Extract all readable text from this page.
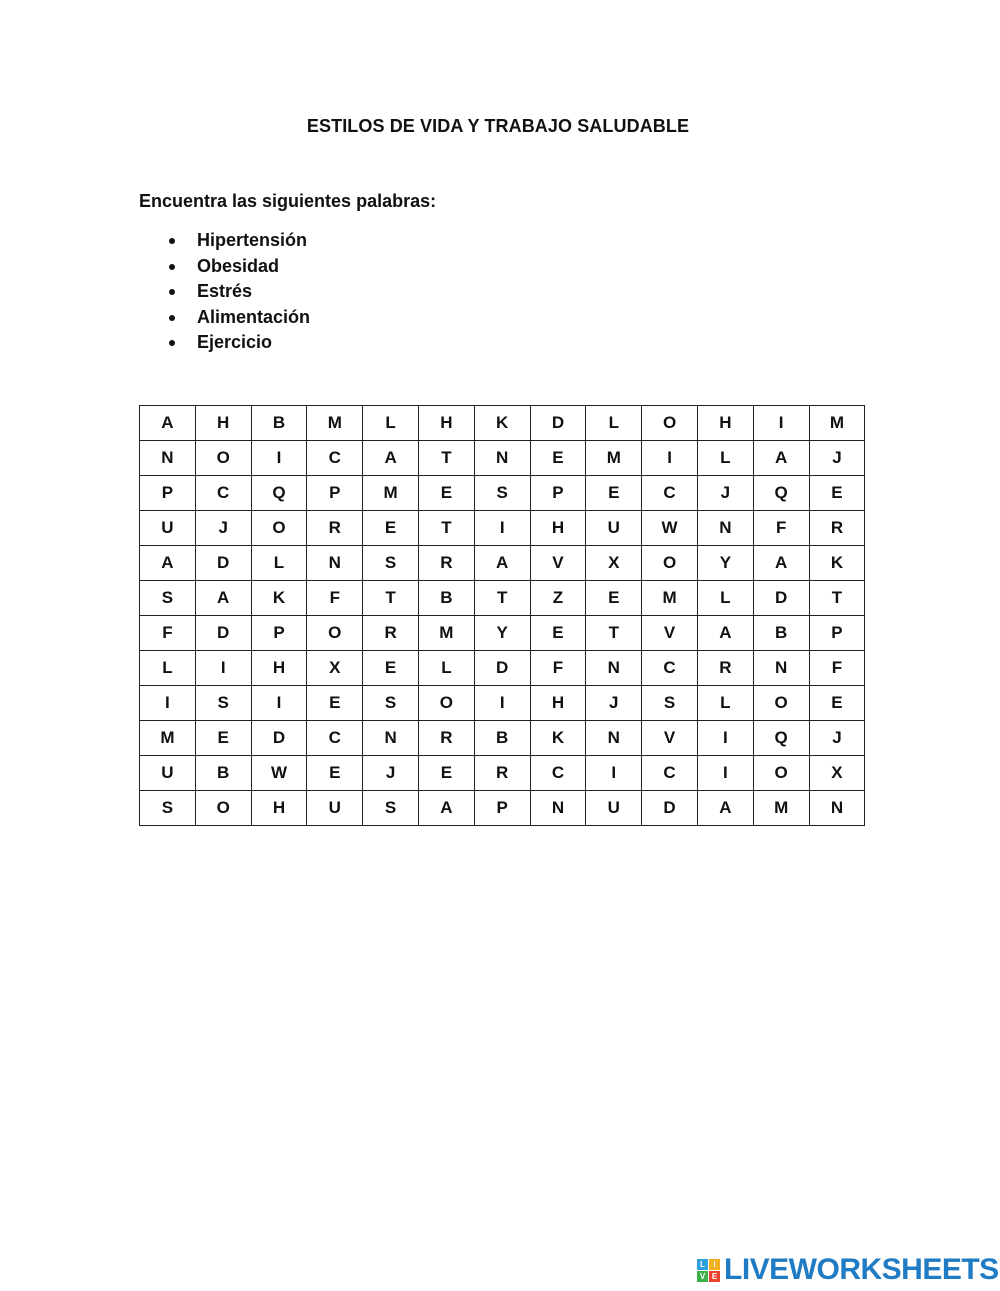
ESTILOS DE VIDA Y TRABAJO SALUDABLE
Encuentra las siguientes palabras:
Hipertensión
Obesidad
Estrés
Alimentación
Ejercicio
A	H	B	M	L	H	K	D	L	O	H	I	M
N	O	I	C	A	T	N	E	M	I	L	A	J
P	C	Q	P	M	E	S	P	E	C	J	Q	E
U	J	O	R	E	T	I	H	U	W	N	F	R
A	D	L	N	S	R	A	V	X	O	Y	A	K
S	A	K	F	T	B	T	Z	E	M	L	D	T
F	D	P	O	R	M	Y	E	T	V	A	B	P
L	I	H	X	E	L	D	F	N	C	R	N	F
I	S	I	E	S	O	I	H	J	S	L	O	E
M	E	D	C	N	R	B	K	N	V	I	Q	J
U	B	W	E	J	E	R	C	I	C	I	O	X
S	O	H	U	S	A	P	N	U	D	A	M	N
L	I
V E LIVEWORKSHEETS
